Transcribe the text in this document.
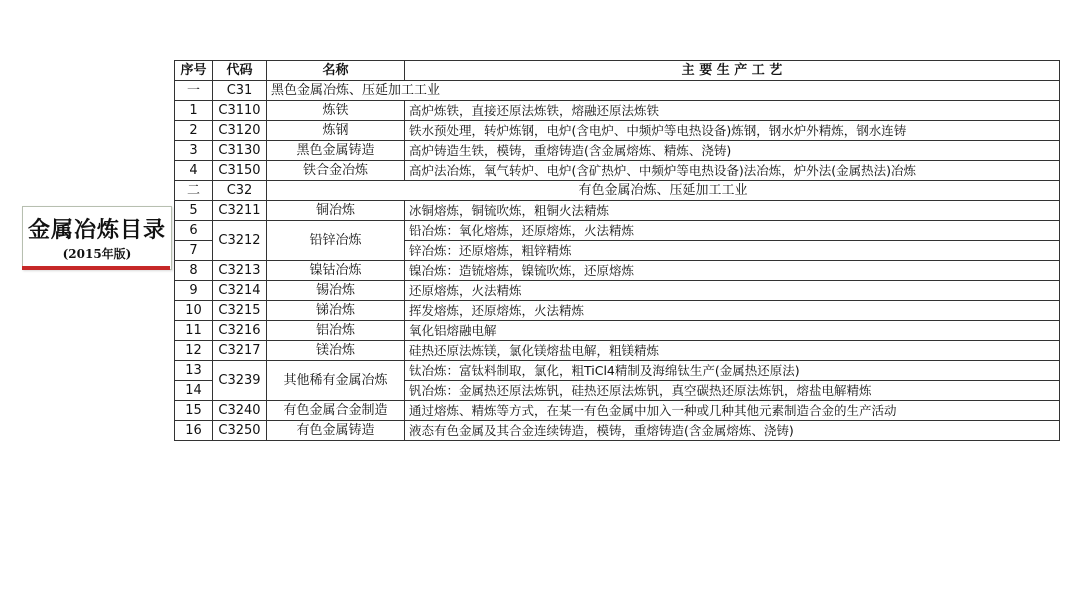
金属冶炼目录
(2015年版)
序号	代码	名称	主 要 生 产 工 艺
一	C31	黑色金属冶炼、压延加工工业	
1	C3110	炼铁	高炉炼铁，直接还原法炼铁，熔融还原法炼铁
2	C3120	炼钢	铁水预处理，转炉炼钢，电炉(含电炉、中频炉等电热设备)炼钢，钢水炉外精炼，钢水连铸
3	C3130	黑色金属铸造	高炉铸造生铁，模铸，重熔铸造(含金属熔炼、精炼、浇铸)
4	C3150	铁合金冶炼	高炉法冶炼，氧气转炉、电炉(含矿热炉、中频炉等电热设备)法冶炼，炉外法(金属热法)冶炼
二	C32	有色金属冶炼、压延加工工业	
5	C3211	铜冶炼	冰铜熔炼，铜锍吹炼，粗铜火法精炼
6	C3212	铅锌冶炼	铅冶炼：氧化熔炼，还原熔炼，火法精炼
7			锌冶炼：还原熔炼，粗锌精炼
8	C3213	镍钴冶炼	镍冶炼：造锍熔炼，镍锍吹炼，还原熔炼
9	C3214	锡冶炼	还原熔炼，火法精炼
10	C3215	锑冶炼	挥发熔炼，还原熔炼，火法精炼
11	C3216	铝冶炼	氧化铝熔融电解
12	C3217	镁冶炼	硅热还原法炼镁，氯化镁熔盐电解，粗镁精炼
13	C3239	其他稀有金属冶炼	钛冶炼：富钛料制取，氯化，粗TiCl4精制及海绵钛生产(金属热还原法)
14			钒冶炼：金属热还原法炼钒，硅热还原法炼钒，真空碳热还原法炼钒，熔盐电解精炼
15	C3240	有色金属合金制造	通过熔炼、精炼等方式，在某一有色金属中加入一种或几种其他元素制造合金的生产活动
16	C3250	有色金属铸造	液态有色金属及其合金连续铸造，模铸，重熔铸造(含金属熔炼、浇铸)
